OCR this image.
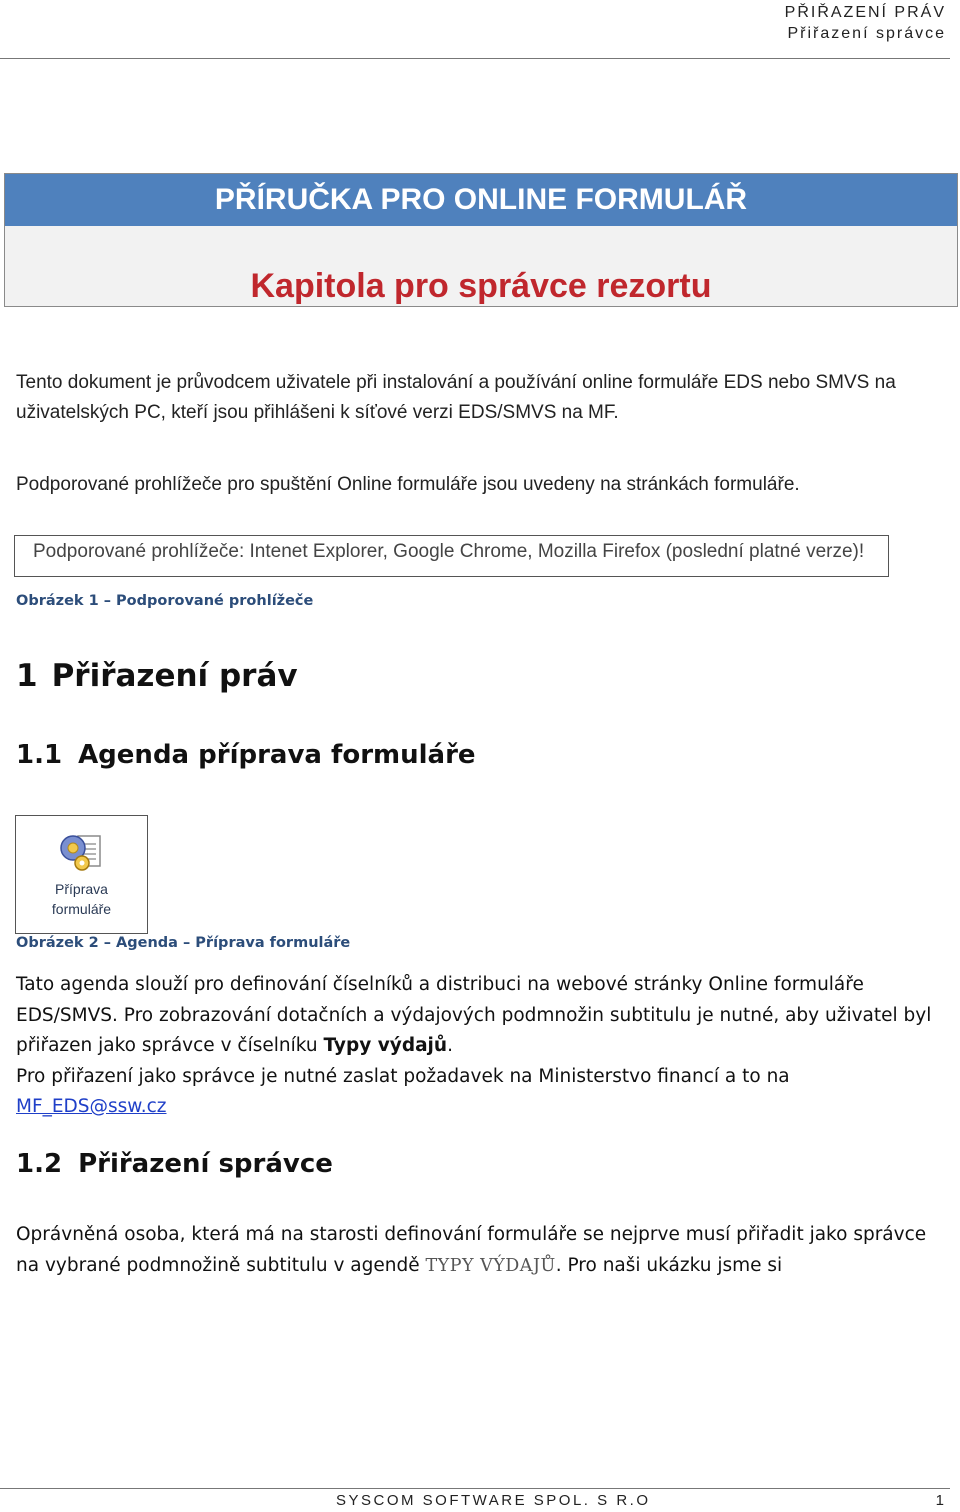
PŘIŘAZENÍ PRÁV
Přiřazení správce
PŘÍRUČKA PRO ONLINE FORMULÁŘ
Kapitola pro správce rezortu
Tento dokument je průvodcem uživatele při instalování a používání online formuláře EDS nebo SMVS na uživatelských PC, kteří jsou přihlášeni k síťové verzi EDS/SMVS na MF.
Podporované prohlížeče pro spuštění Online formuláře jsou uvedeny na stránkách formuláře.
Podporované prohlížeče: Intenet Explorer, Google Chrome, Mozilla Firefox (poslední platné verze)!
Obrázek 1 – Podporované prohlížeče
1 Přiřazení práv
1.1 Agenda příprava formuláře
Příprava
formuláře
Obrázek 2 – Agenda – Příprava formuláře
Tato agenda slouží pro definování číselníků a distribuci na webové stránky Online formuláře EDS/SMVS. Pro zobrazování dotačních a výdajových podmnožin subtitulu je nutné, aby uživatel byl přiřazen jako správce v číselníku Typy výdajů.
Pro přiřazení jako správce je nutné zaslat požadavek na Ministerstvo financí a to na
MF_EDS@ssw.cz
1.2 Přiřazení správce
Oprávněná osoba, která má na starosti definování formuláře se nejprve musí přiřadit jako správce na vybrané podmnožině subtitulu v agendě TYPY VÝDAJŮ. Pro naši ukázku jsme si
SYSCOM SOFTWARE SPOL. S R.O	1
